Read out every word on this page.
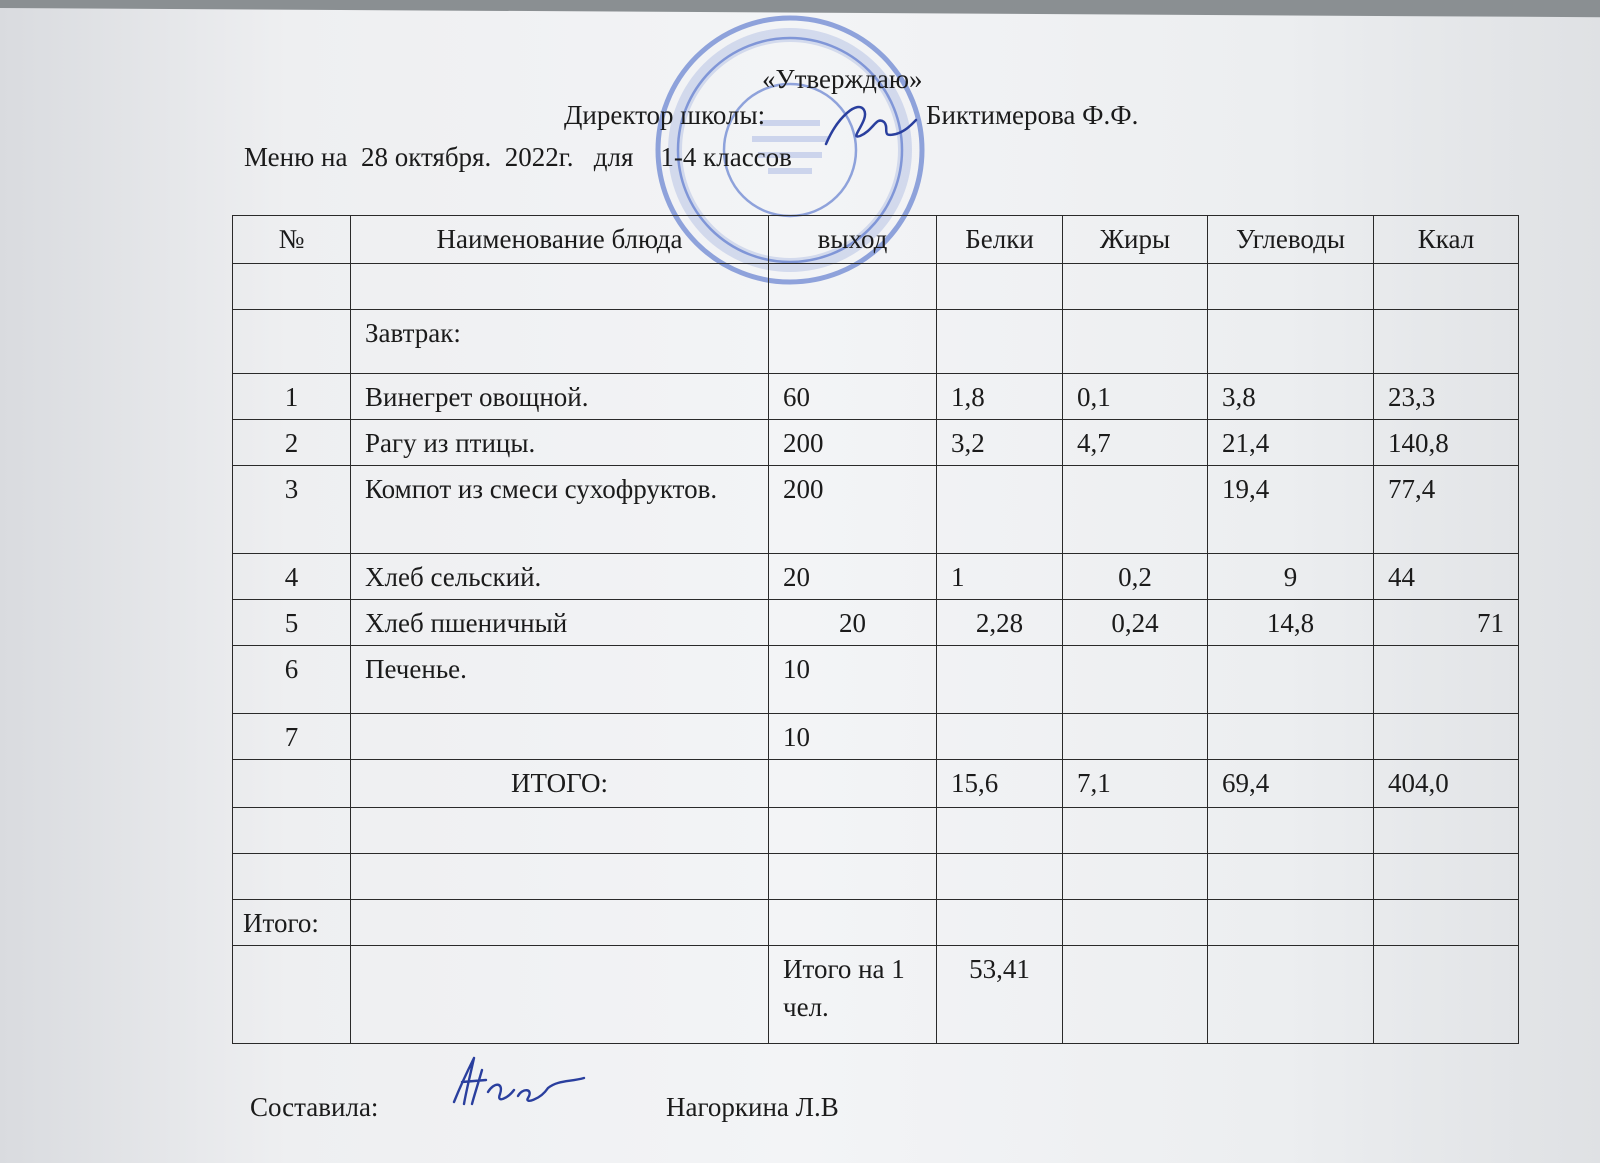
«Утверждаю»
Директор школы:	Биктимерова Ф.Ф.
Меню на  28 октября.  2022г.   для    1-4 классов
№	Наименование блюда	выход	Белки	Жиры	Углеводы	Ккал

	Завтрак:					
1	Винегрет овощной.	60	1,8	0,1	3,8	23,3
2	Рагу из птицы.	200	3,2	4,7	21,4	140,8
3	Компот из смеси сухофруктов.	200			19,4	77,4
4	Хлеб сельский.	20	1	0,2	9	44
5	Хлеб пшеничный	20	2,28	0,24	14,8	71
6	Печенье.	10				
7		10				
	ИТОГО:		15,6	7,1	69,4	404,0

Итого:						
		Итого на 1 чел.	53,41			
Составила:	Нагоркина Л.В
